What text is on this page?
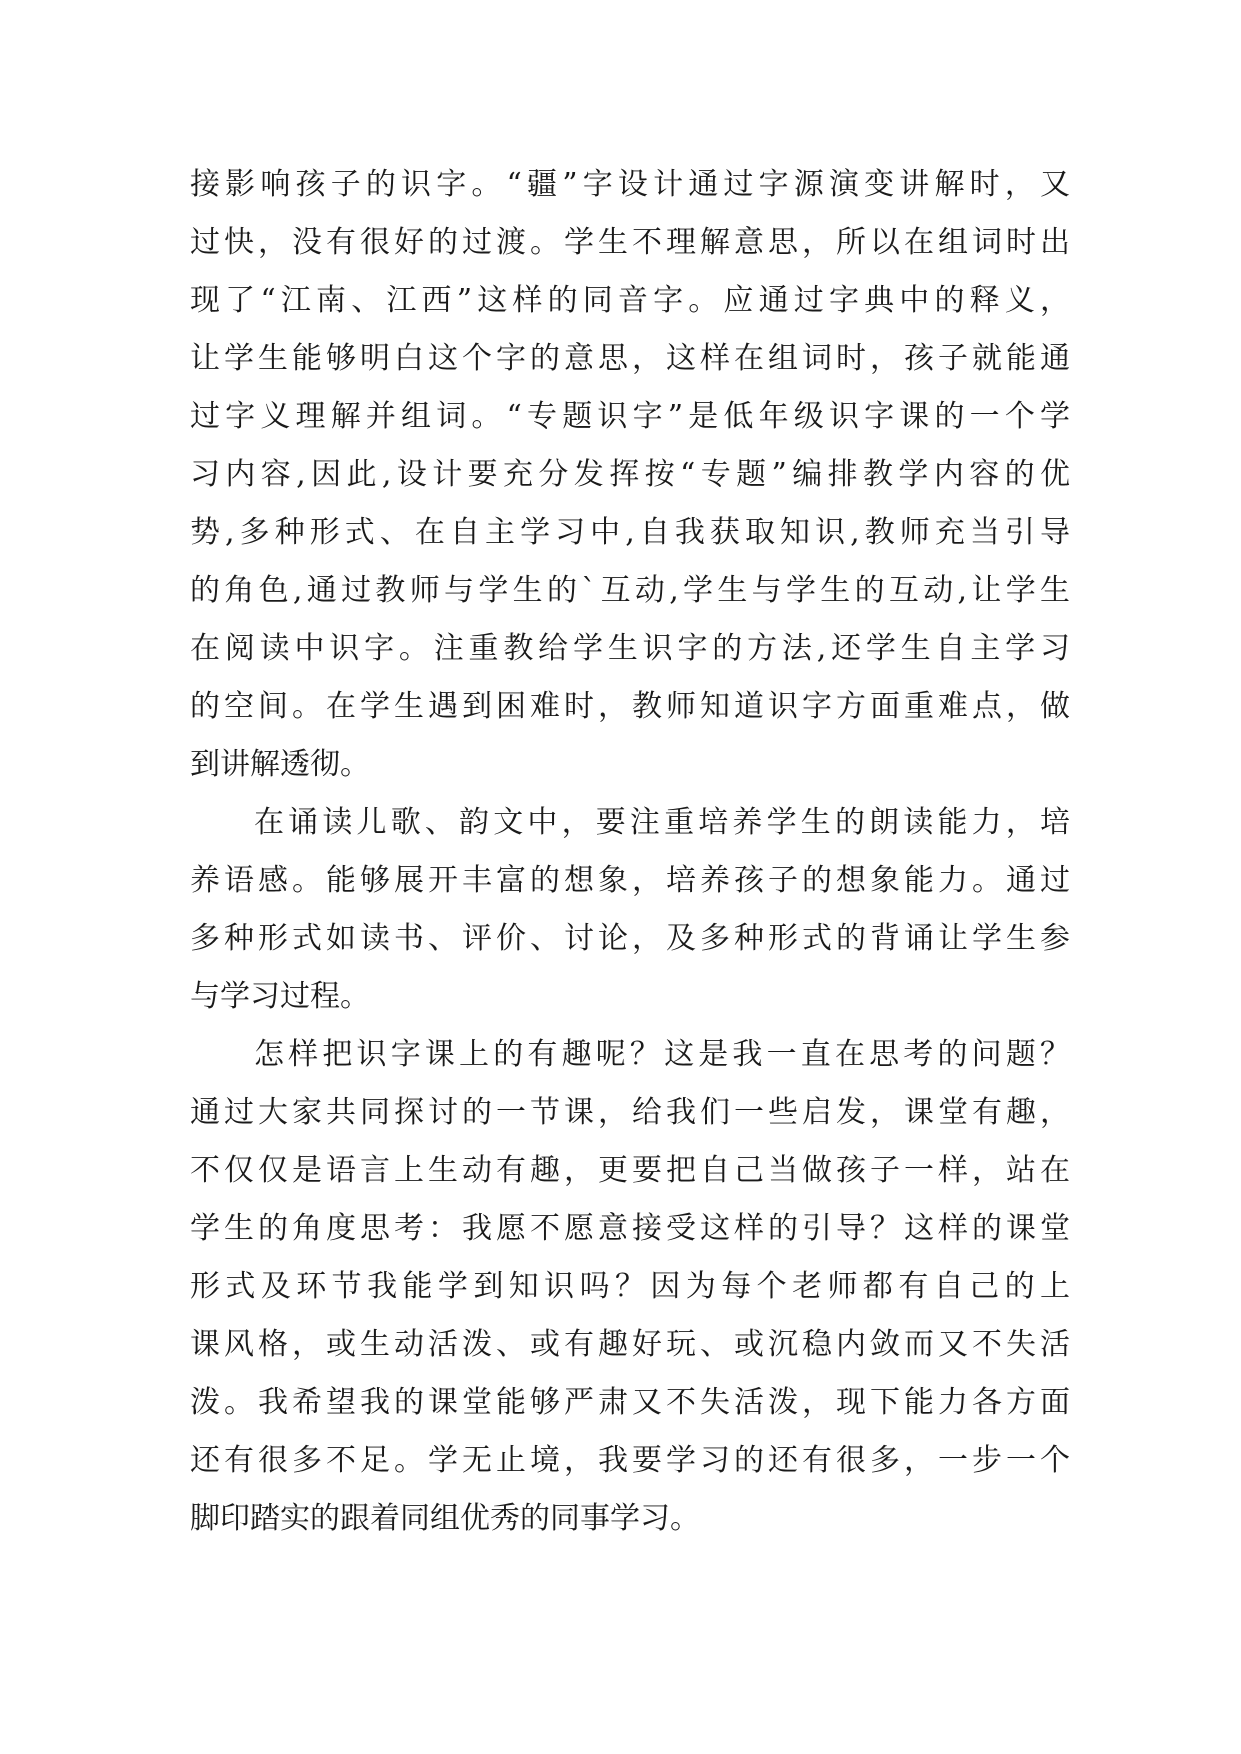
接影响孩子的识字。“疆”字设计通过字源演变讲解时，又
过快，没有很好的过渡。学生不理解意思，所以在组词时出
现了“江南、江西”这样的同音字。应通过字典中的释义，
让学生能够明白这个字的意思，这样在组词时，孩子就能通
过字义理解并组词。“专题识字”是低年级识字课的一个学
习内容,因此,设计要充分发挥按“专题”编排教学内容的优
势,多种形式、在自主学习中,自我获取知识,教师充当引导
的角色,通过教师与学生的`互动,学生与学生的互动,让学生
在阅读中识字。注重教给学生识字的方法,还学生自主学习
的空间。在学生遇到困难时，教师知道识字方面重难点，做
到讲解透彻。
在诵读儿歌、韵文中，要注重培养学生的朗读能力，培
养语感。能够展开丰富的想象，培养孩子的想象能力。通过
多种形式如读书、评价、讨论，及多种形式的背诵让学生参
与学习过程。
怎样把识字课上的有趣呢？这是我一直在思考的问题？
通过大家共同探讨的一节课，给我们一些启发，课堂有趣，
不仅仅是语言上生动有趣，更要把自己当做孩子一样，站在
学生的角度思考：我愿不愿意接受这样的引导？这样的课堂
形式及环节我能学到知识吗？因为每个老师都有自己的上
课风格，或生动活泼、或有趣好玩、或沉稳内敛而又不失活
泼。我希望我的课堂能够严肃又不失活泼，现下能力各方面
还有很多不足。学无止境，我要学习的还有很多，一步一个
脚印踏实的跟着同组优秀的同事学习。
